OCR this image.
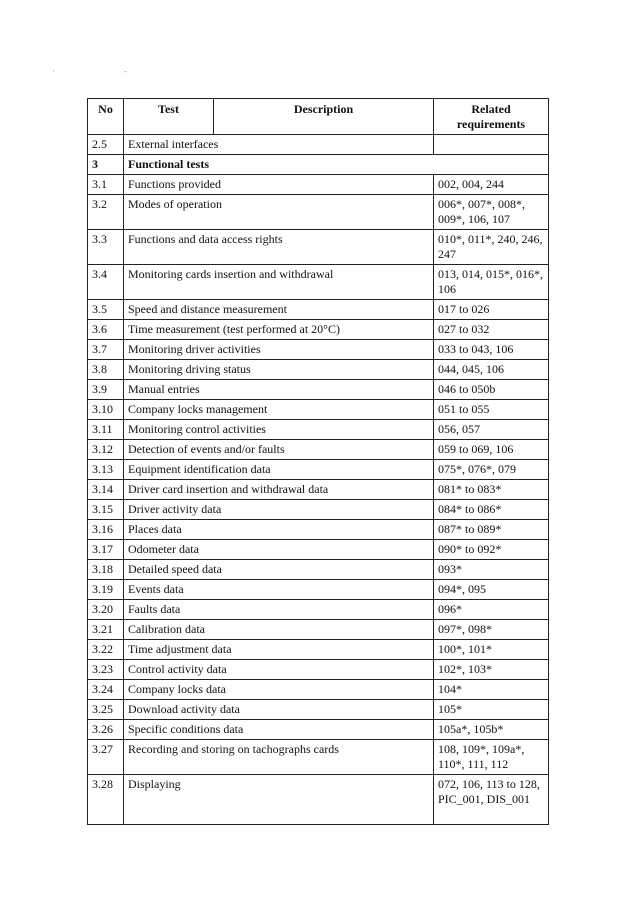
·	-
No	Test	Description	Related requirements
2.5	External interfaces		
3	Functional tests		
3.1	Functions provided		002, 004, 244
3.2	Modes of operation		006*, 007*, 008*, 009*, 106, 107
3.3	Functions and data access rights		010*, 011*, 240, 246, 247
3.4	Monitoring cards insertion and withdrawal		013, 014, 015*, 016*, 106
3.5	Speed and distance measurement		017 to 026
3.6	Time measurement (test performed at 20°C)		027 to 032
3.7	Monitoring driver activities		033 to 043, 106
3.8	Monitoring driving status		044, 045, 106
3.9	Manual entries		046 to 050b
3.10	Company locks management		051 to 055
3.11	Monitoring control activities		056, 057
3.12	Detection of events and/or faults		059 to 069, 106
3.13	Equipment identification data		075*, 076*, 079
3.14	Driver card insertion and withdrawal data		081* to 083*
3.15	Driver activity data		084* to 086*
3.16	Places data		087* to 089*
3.17	Odometer data		090* to 092*
3.18	Detailed speed data		093*
3.19	Events data		094*, 095
3.20	Faults data		096*
3.21	Calibration data		097*, 098*
3.22	Time adjustment data		100*, 101*
3.23	Control activity data		102*, 103*
3.24	Company locks data		104*
3.25	Download activity data		105*
3.26	Specific conditions data		105a*, 105b*
3.27	Recording and storing on tachographs cards		108, 109*, 109a*, 110*, 111, 112
3.28	Displaying		072, 106, 113 to 128, PIC_001, DIS_001
